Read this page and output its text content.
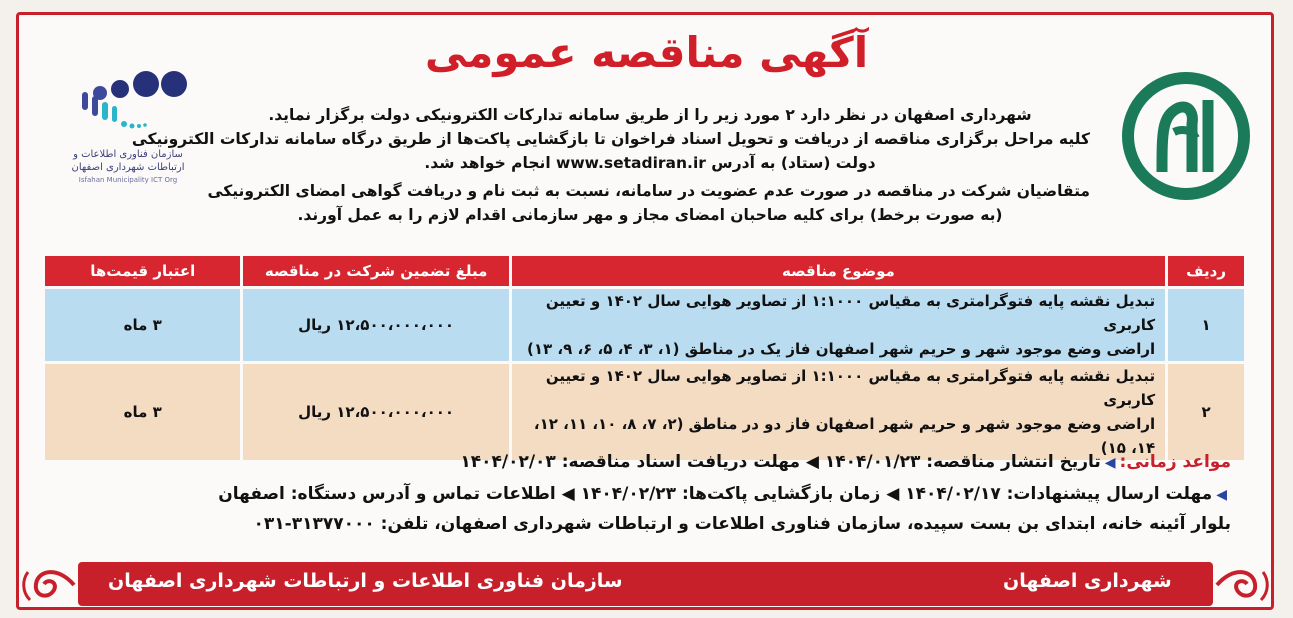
آگهی مناقصه عمومی
سازمان فناوری اطلاعات و ارتباطات شهرداری اصفهان
Isfahan Municipality ICT Org
شهرداری اصفهان در نظر دارد ۲ مورد زیر را از طریق سامانه تدارکات الکترونیکی دولت برگزار نماید.
کلیه مراحل برگزاری مناقصه از دریافت و تحویل اسناد فراخوان تا بازگشایی پاکت‌ها از طریق درگاه سامانه تدارکات الکترونیکی
دولت (ستاد) به آدرس www.setadiran.ir انجام خواهد شد.
متقاضیان شرکت در مناقصه در صورت عدم عضویت در سامانه، نسبت به ثبت نام و دریافت گواهی امضای الکترونیکی
(به صورت برخط) برای کلیه صاحبان امضای مجاز و مهر سازمانی اقدام لازم را به عمل آورند.
ردیف	موضوع مناقصه	مبلغ تضمین شرکت در مناقصه	اعتبار قیمت‌ها
۱	تبدیل نقشه پایه فتوگرامتری به مقیاس ۱:۱۰۰۰ از تصاویر هوایی سال ۱۴۰۲ و تعیین کاربری
اراضی وضع موجود شهر و حریم شهر اصفهان فاز یک در مناطق (۱، ۳، ۴، ۵، ۶، ۹، ۱۳)	۱۲،۵۰۰،۰۰۰،۰۰۰ ریال	۳ ماه
۲	تبدیل نقشه پایه فتوگرامتری به مقیاس ۱:۱۰۰۰ از تصاویر هوایی سال ۱۴۰۲ و تعیین کاربری
اراضی وضع موجود شهر و حریم شهر اصفهان فاز دو در مناطق (۲، ۷، ۸، ۱۰، ۱۱، ۱۲، ۱۴، ۱۵)	۱۲،۵۰۰،۰۰۰،۰۰۰ ریال	۳ ماه
مواعد زمانی:◀تاریخ انتشار مناقصه: ۱۴۰۴/۰۱/۲۳ ◀ مهلت دریافت اسناد مناقصه: ۱۴۰۴/۰۲/۰۳
◀مهلت ارسال پیشنهادات: ۱۴۰۴/۰۲/۱۷ ◀ زمان بازگشایی پاکت‌ها: ۱۴۰۴/۰۲/۲۳ ◀ اطلاعات تماس و آدرس دستگاه: اصفهان
بلوار آئینه خانه، ابتدای بن بست سپیده، سازمان فناوری اطلاعات و ارتباطات شهرداری اصفهان، تلفن: ۳۱۳۷۷۰۰۰-۰۳۱
سازمان فناوری اطلاعات و ارتباطات شهرداری اصفهان	شهرداری اصفهان
